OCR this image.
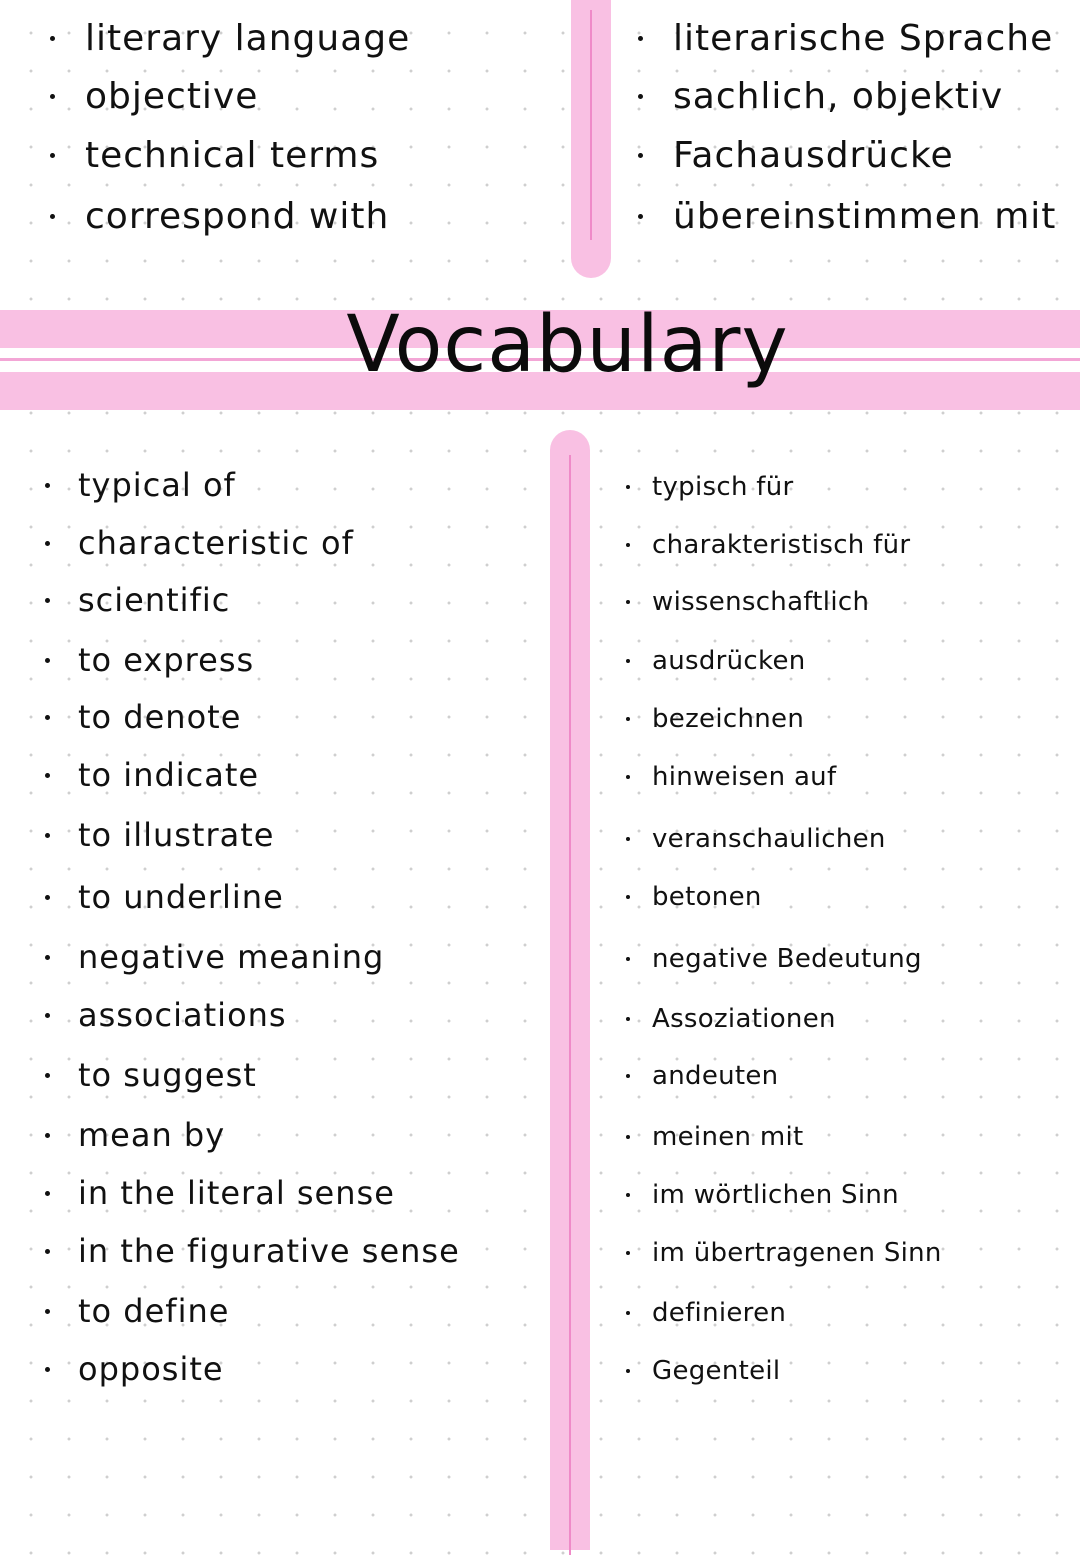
literary language
objective
technical terms
correspond with
literarische Sprache
sachlich, objektiv
Fachausdrücke
übereinstimmen mit
Vocabulary
typical of
characteristic of
scientific
to express
to denote
to indicate
to illustrate
to underline
negative meaning
associations
to suggest
mean by
in the literal sense
in the figurative sense
to define
opposite
typisch für
charakteristisch für
wissenschaftlich
ausdrücken
bezeichnen
hinweisen auf
veranschaulichen
betonen
negative Bedeutung
Assoziationen
andeuten
meinen mit
im wörtlichen Sinn
im übertragenen Sinn
definieren
Gegenteil
